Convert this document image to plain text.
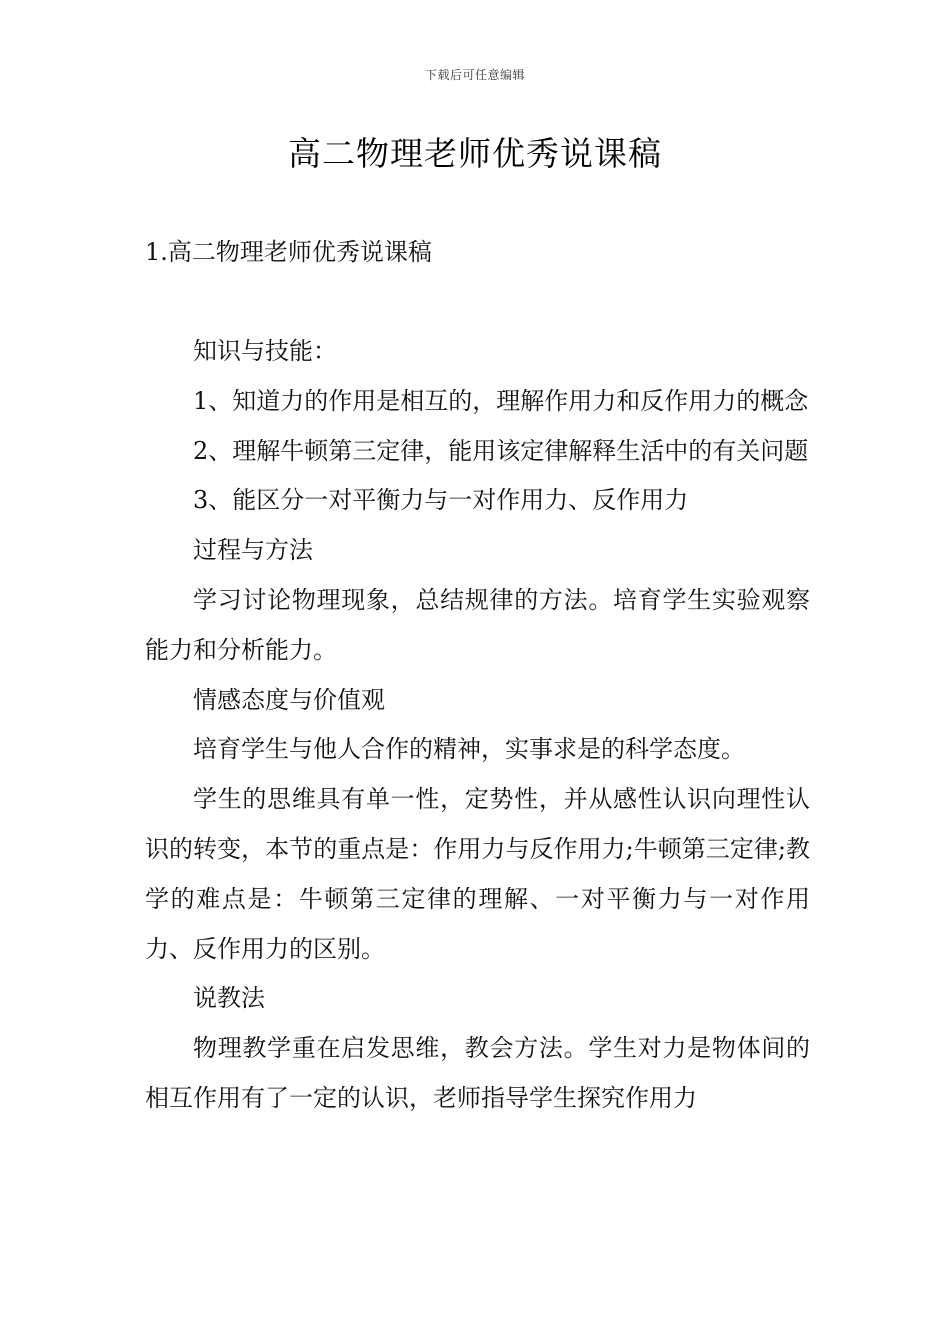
下载后可任意编辑
高二物理老师优秀说课稿
1.高二物理老师优秀说课稿

知识与技能：

1、知道力的作用是相互的，理解作用力和反作用力的概念

2、理解牛顿第三定律，能用该定律解释生活中的有关问题

3、能区分一对平衡力与一对作用力、反作用力

过程与方法

学习讨论物理现象，总结规律的方法。培育学生实验观察能力和分析能力。

情感态度与价值观

培育学生与他人合作的精神，实事求是的科学态度。

学生的思维具有单一性，定势性，并从感性认识向理性认识的转变，本节的重点是：作用力与反作用力;牛顿第三定律;教学的难点是：牛顿第三定律的理解、一对平衡力与一对作用力、反作用力的区别。

说教法

物理教学重在启发思维，教会方法。学生对力是物体间的相互作用有了一定的认识，老师指导学生探究作用力
